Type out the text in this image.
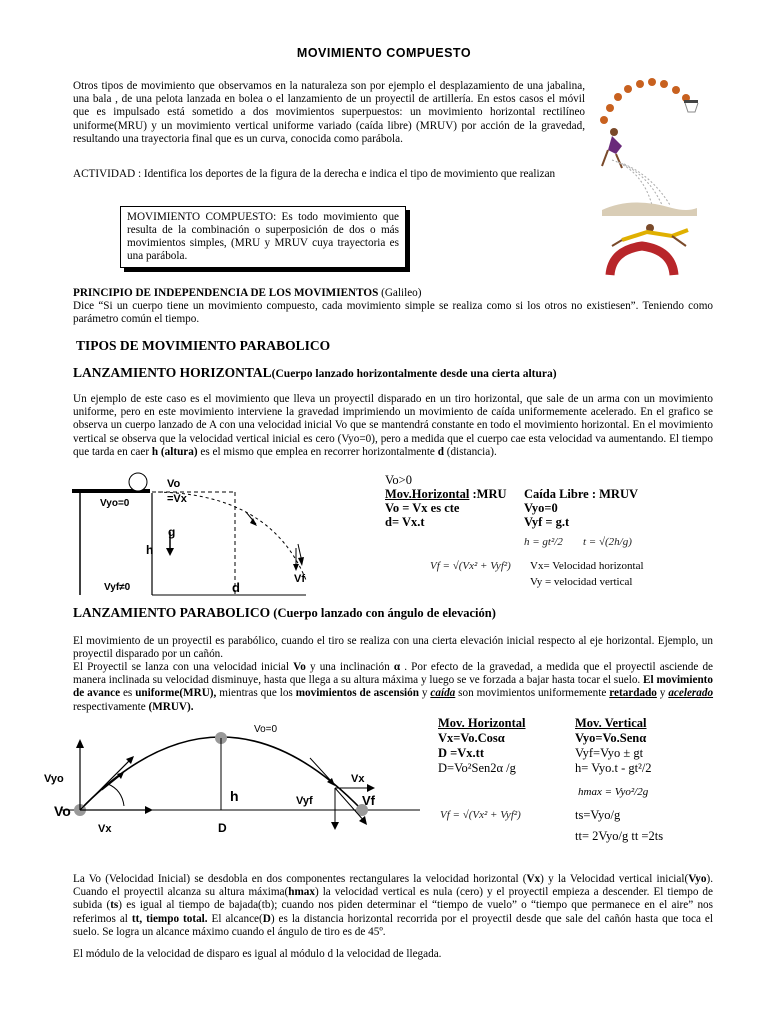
MOVIMIENTO COMPUESTO
Otros tipos de movimiento que observamos en la naturaleza son por ejemplo el desplazamiento de una jabalina, una bala , de una pelota lanzada en bolea o el lanzamiento de un proyectil de artillería. En estos casos el móvil que es impulsado está sometido a dos movimientos superpuestos: un movimiento horizontal rectilíneo uniforme(MRU) y un movimiento vertical uniforme variado (caída libre) (MRUV) por acción de la gravedad, resultando una trayectoria final que es un curva, conocida como parábola.
ACTIVIDAD : Identifica los deportes de la figura de la derecha e indica el tipo de movimiento que realizan
MOVIMIENTO COMPUESTO: Es todo movimiento que resulta de la combinación o superposición de dos o más movimientos simples, (MRU y MRUV cuya trayectoria es una parábola.
PRINCIPIO DE INDEPENDENCIA DE LOS MOVIMIENTOS (Galileo)
Dice “Si un cuerpo tiene un movimiento compuesto, cada movimiento simple se realiza como si los otros no existiesen”. Teniendo como parámetro común el tiempo.
TIPOS DE MOVIMIENTO PARABOLICO
LANZAMIENTO HORIZONTAL(Cuerpo lanzado horizontalmente desde una cierta altura)
Un ejemplo de este caso es el movimiento que lleva un proyectil disparado en un tiro horizontal, que sale de un arma con un movimiento uniforme, pero en este movimiento interviene la gravedad imprimiendo un movimiento de caída uniformemente acelerado. En el grafico se observa un cuerpo lanzado de A con una velocidad inicial Vo que se mantendrá constante en todo el movimiento horizontal. En el movimiento vertical se observa que la velocidad vertical inicial es cero (Vyo=0), pero a medida que el cuerpo cae esta velocidad va aumentando. El tiempo que tarda en caer h (altura) es el mismo que emplea en recorrer horizontalmente d (distancia).
Vyo=0
Vo
=Vx
g
h
Vyf≠0
Vf
d
Vo>0
Mov.Horizontal :MRU Caída Libre : MRUV
Vo = Vx es cte	Vyo=0
d= Vx.t	Vyf = g.t
h = gt²/2 t = √(2h/g)
Vf = √(Vx² + Vyf²) Vx= Velocidad horizontal
Vy = velocidad vertical
LANZAMIENTO PARABOLICO (Cuerpo lanzado con ángulo de elevación)
El movimiento de un proyectil es parabólico, cuando el tiro se realiza con una cierta elevación inicial respecto al eje horizontal. Ejemplo, un proyectil disparado por un cañón.
El Proyectil se lanza con una velocidad inicial Vo y una inclinación α . Por efecto de la gravedad, a medida que el proyectil asciende de manera inclinada su velocidad disminuye, hasta que llega a su altura máxima y luego se ve forzada a bajar hasta tocar el suelo. El movimiento de avance es uniforme(MRU), mientras que los movimientos de ascensión y caída son movimientos uniformemente retardado y acelerado respectivamente (MRUV).
Vo=0
Vyo
Vo
Vx
h
D
Vyf
Vx
Vf
Mov. Horizontal	Mov. Vertical
Vx=Vo.Cosα	Vyo=Vo.Senα
D =Vx.tt	Vyf=Vyo ± gt
D=Vo²Sen2α /g	h= Vyo.t - gt²/2
hmax = Vyo²/2g
Vf = √(Vx² + Vyf²)	ts=Vyo/g
tt= 2Vyo/g tt =2ts
La Vo (Velocidad Inicial) se desdobla en dos componentes rectangulares la velocidad horizontal (Vx) y la Velocidad vertical inicial(Vyo). Cuando el proyectil alcanza su altura máxima(hmax) la velocidad vertical es nula (cero) y el proyectil empieza a descender. El tiempo de subida (ts) es igual al tiempo de bajada(tb); cuando nos piden determinar el “tiempo de vuelo” o “tiempo que permanece en el aire” nos referimos al tt, tiempo total. El alcance(D) es la distancia horizontal recorrida por el proyectil desde que sale del cañón hasta que toca el suelo. Se logra un alcance máximo cuando el ángulo de tiro es de 45º.
El módulo de la velocidad de disparo es igual al módulo d la velocidad de llegada.
